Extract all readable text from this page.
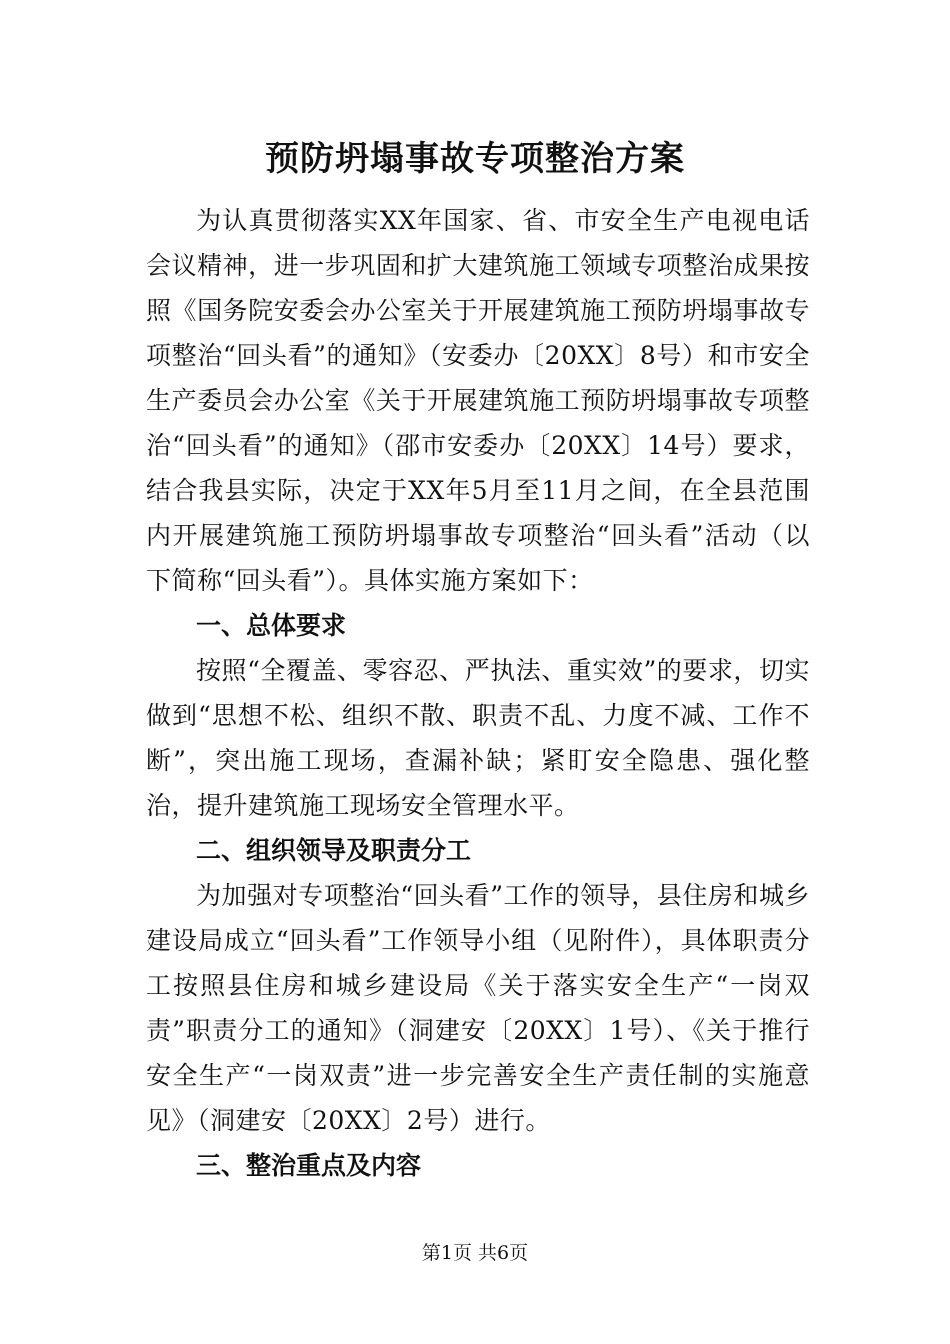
预防坍塌事故专项整治方案

为认真贯彻落实XX年国家、省、市安全生产电视电话会议精神，进一步巩固和扩大建筑施工领域专项整治成果按照《国务院安委会办公室关于开展建筑施工预防坍塌事故专项整治“回头看”的通知》（安委办〔20XX〕8号）和市安全生产委员会办公室《关于开展建筑施工预防坍塌事故专项整治“回头看”的通知》（邵市安委办〔20XX〕14号）要求，结合我县实际，决定于XX年5月至11月之间，在全县范围内开展建筑施工预防坍塌事故专项整治“回头看”活动（以下简称“回头看”）。具体实施方案如下：

一、总体要求

按照“全覆盖、零容忍、严执法、重实效”的要求，切实做到“思想不松、组织不散、职责不乱、力度不减、工作不断”，突出施工现场，查漏补缺；紧盯安全隐患、强化整治，提升建筑施工现场安全管理水平。

二、组织领导及职责分工

为加强对专项整治“回头看”工作的领导，县住房和城乡建设局成立“回头看”工作领导小组（见附件），具体职责分工按照县住房和城乡建设局《关于落实安全生产“一岗双责”职责分工的通知》（洞建安〔20XX〕1号）、《关于推行安全生产“一岗双责”进一步完善安全生产责任制的实施意见》（洞建安〔20XX〕2号）进行。

三、整治重点及内容

第1页 共6页
